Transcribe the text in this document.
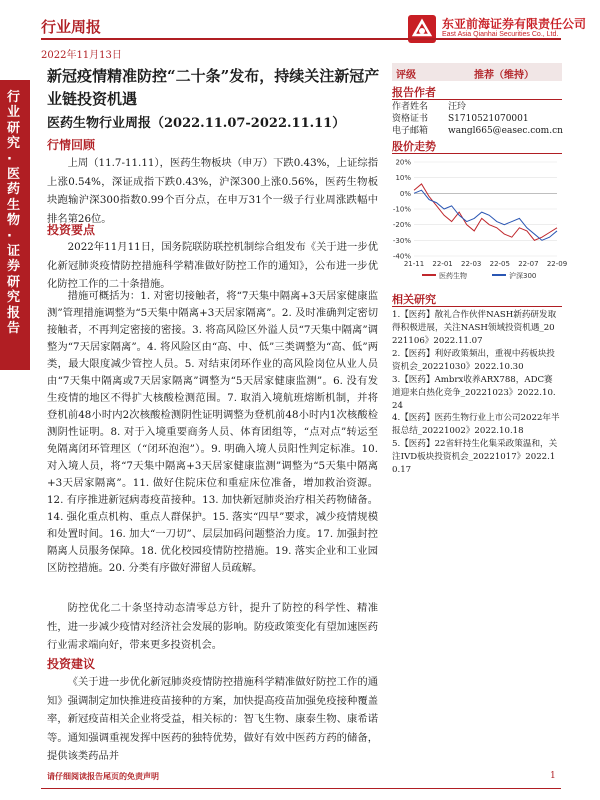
行业周报	东亚前海证券有限责任公司
East Asia Qianhai Securities Co., Ltd.
2022年11月13日
行业研究·医药生物·证券研究报告
新冠疫情精准防控“二十条”发布，持续关注新冠产业链投资机遇
医药生物行业周报（2022.11.07-2022.11.11）
行情回顾
上周（11.7-11.11），医药生物板块（申万）下跌0.43%，上证综指上涨0.54%，深证成指下跌0.43%，沪深300上涨0.56%，医药生物板块跑输沪深300指数0.99个百分点，在申万31个一级子行业周涨跌幅中排名第26位。
投资要点
2022年11月11日，国务院联防联控机制综合组发布《关于进一步优化新冠肺炎疫情防控措施科学精准做好防控工作的通知》，公布进一步优化防控工作的二十条措施。
措施可概括为：1. 对密切接触者，将“7天集中隔离+3天居家健康监测”管理措施调整为“5天集中隔离+3天居家隔离”。2. 及时准确判定密切接触者，不再判定密接的密接。3. 将高风险区外溢人员“7天集中隔离”调整为“7天居家隔离”。4. 将风险区由“高、中、低”三类调整为“高、低”两类，最大限度减少管控人员。5. 对结束闭环作业的高风险岗位从业人员由“7天集中隔离或7天居家隔离”调整为“5天居家健康监测”。6. 没有发生疫情的地区不得扩大核酸检测范围。7. 取消入境航班熔断机制，并将登机前48小时内2次核酸检测阴性证明调整为登机前48小时内1次核酸检测阴性证明。8. 对于入境重要商务人员、体育团组等，“点对点”转运至免隔离闭环管理区（“闭环泡泡”）。9. 明确入境人员阳性判定标准。10. 对入境人员，将“7天集中隔离+3天居家健康监测”调整为“5天集中隔离+3天居家隔离”。11. 做好住院床位和重症床位准备，增加救治资源。12. 有序推进新冠病毒疫苗接种。13. 加快新冠肺炎治疗相关药物储备。14. 强化重点机构、重点人群保护。15. 落实“四早”要求，减少疫情规模和处置时间。16. 加大“一刀切”、层层加码问题整治力度。17. 加强封控隔离人员服务保障。18. 优化校园疫情防控措施。19. 落实企业和工业园区防控措施。20. 分类有序做好滞留人员疏解。
防控优化二十条坚持动态清零总方针，提升了防控的科学性、精准性，进一步减少疫情对经济社会发展的影响。防疫政策变化有望加速医药行业需求端向好，带来更多投资机会。
投资建议
《关于进一步优化新冠肺炎疫情防控措施科学精准做好防控工作的通知》强调制定加快推进疫苗接种的方案，加快提高疫苗加强免疫接种覆盖率，新冠疫苗相关企业将受益，相关标的：智飞生物、康泰生物、康希诺等。通知强调重视发挥中医药的独特优势，做好有效中医药方药的储备，提供该类药品并
评级	推荐（维持）
报告作者
作者姓名 汪玲
资格证书 S1710521070001
电子邮箱 wangl665@easec.com.cn
股价走势
20%
10%
0%
-10%
-20%
-30%
-40%
21-11 22-01 22-03 22-05 22-07 22-09
医药生物	沪深300
相关研究
1.【医药】散礼合作伙伴NASH新药研发取得积极进展，关注NASH领域投资机遇_20221106》2022.11.07
2.【医药】利好政策频出，重视中药板块投资机会_20221030》2022.10.30
3.【医药】Ambrx收养ARX788，ADC赛道迎来白热化竞争_20221023》2022.10.24
4.【医药】医药生物行业上市公司2022年半报总结_20221002》2022.10.18
5.【医药】22省轩持生化集采政策温和，关注IVD板块投资机会_20221017》2022.10.17
请仔细阅读报告尾页的免责声明	1
